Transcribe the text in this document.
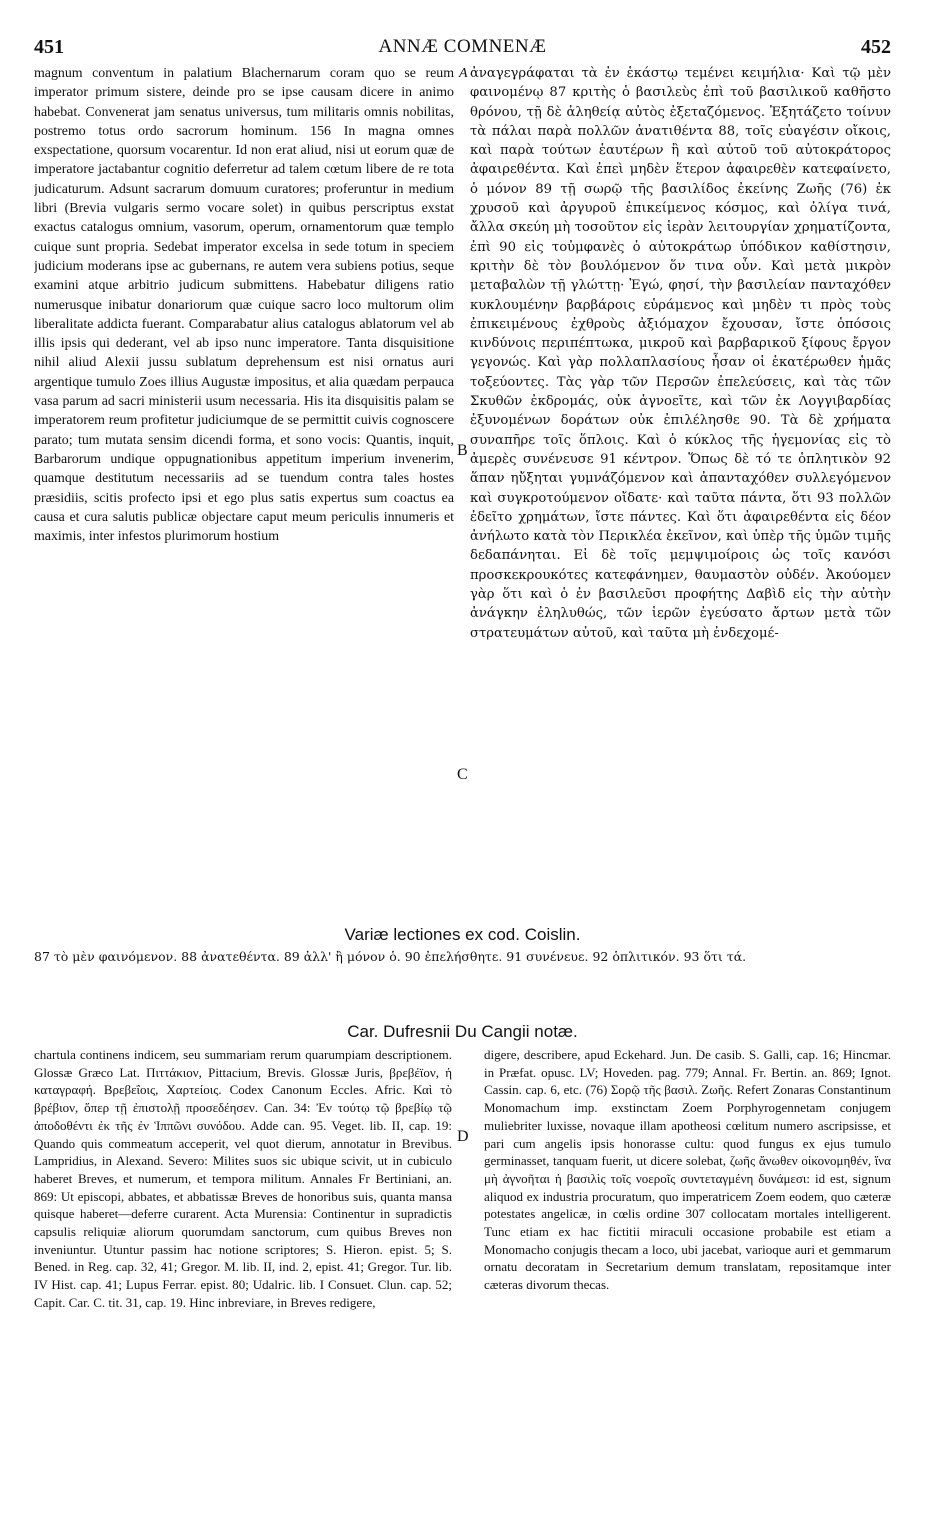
451	ANNÆ COMNENÆ	452

magnum conventum in palatium Blachernarum coram quo se reum imperator primum sistere, deinde pro se ipse causam dicere in animo habebat. Convenerat jam senatus universus, tum militaris omnis nobilitas, postremo totus ordo sacrorum hominum. 156 In magna omnes exspectatione, quorsum vocarentur. Id non erat aliud, nisi ut eorum quæ de imperatore jactabantur cognitio deferretur ad talem cœtum libere de re tota judicaturum. Adsunt sacrarum domuum curatores; proferuntur in medium libri (Brevia vulgaris sermo vocare solet) in quibus perscriptus exstat exactus catalogus omnium, vasorum, operum, ornamentorum quæ templo cuique sunt propria. Sedebat imperator excelsa in sede totum in speciem judicium moderans ipse ac gubernans, re autem vera subiens potius, seque examini atque arbitrio judicum submittens. Habebatur diligens ratio numerusque inibatur donariorum quæ cuique sacro loco multorum olim liberalitate addicta fuerant. Comparabatur alius catalogus ablatorum vel ab illis ipsis qui dederant, vel ab ipso nunc imperatore. Tanta disquisitione nihil aliud Alexii jussu sublatum deprehensum est nisi ornatus auri argentique tumulo Zoes illius Augustæ impositus, et alia quædam perpauca vasa parum ad sacri ministerii usum necessaria. His ita disquisitis palam se imperatorem reum profitetur judiciumque de se permittit cuivis cognoscere parato; tum mutata sensim dicendi forma, et sono vocis: Quantis, inquit, Barbarorum undique oppugnationibus appetitum imperium invenerim, quamque destitutum necessariis ad se tuendum contra tales hostes præsidiis, scitis profecto ipsi et ego plus satis expertus sum coactus ea causa et cura salutis publicæ objectare caput meum periculis innumeris et maximis, inter infestos plurimorum hostium

A
B
C
D

ἀναγεγράφαται τὰ ἐν ἑκάστῳ τεμένει κειμήλια· Καὶ τῷ μὲν φαινομένῳ 87 κριτὴς ὁ βασιλεὺς ἐπὶ τοῦ βασιλικοῦ καθῆστο θρόνου, τῇ δὲ ἀληθείᾳ αὐτὸς ἐξεταζόμενος. Ἐξητάζετο τοίνυν τὰ πάλαι παρὰ πολλῶν ἀνατιθέντα 88, τοῖς εὐαγέσιν οἴκοις, καὶ παρὰ τούτων ἑαυτέρων ἢ καὶ αὐτοῦ τοῦ αὐτοκράτορος ἀφαιρεθέντα. Καὶ ἐπεὶ μηδὲν ἕτερον ἀφαιρεθὲν κατεφαίνετο, ὁ μόνον 89 τῇ σωρῷ τῆς βασιλίδος ἐκείνης Ζωῆς (76) ἐκ χρυσοῦ καὶ ἀργυροῦ ἐπικείμενος κόσμος, καὶ ὀλίγα τινά, ἄλλα σκεύη μὴ τοσοῦτον εἰς ἱερὰν λειτουργίαν χρηματίζοντα, ἐπὶ 90 εἰς τοὐμφανὲς ὁ αὐτοκράτωρ ὑπόδικον καθίστησιν, κριτὴν δὲ τὸν βουλόμενον ὅν τινα οὖν. Καὶ μετὰ μικρὸν μεταβαλὼν τῇ γλώττῃ· Ἐγώ, φησί, τὴν βασιλείαν πανταχόθεν κυκλουμένην βαρβάροις εὑράμενος καὶ μηδὲν τι πρὸς τοὺς ἐπικειμένους ἐχθροὺς ἀξιόμαχον ἔχουσαν, ἴστε ὁπόσοις κινδύνοις περιπέπτωκα, μικροῦ καὶ βαρβαρικοῦ ξίφους ἔργον γεγονώς. Καὶ γὰρ πολλαπλασίους ἦσαν οἱ ἑκατέρωθεν ἡμᾶς τοξεύοντες. Τὰς γὰρ τῶν Περσῶν ἐπελεύσεις, καὶ τὰς τῶν Σκυθῶν ἐκδρομάς, οὐκ ἀγνοεῖτε, καὶ τῶν ἐκ Λογγιβαρδίας ἐξυνομένων δοράτων οὐκ ἐπιλέλησθε 90. Τὰ δὲ χρήματα συναπῆρε τοῖς ὅπλοις. Καὶ ὁ κύκλος τῆς ἡγεμονίας εἰς τὸ ἀμερὲς συνένευσε 91 κέντρον. Ὅπως δὲ τό τε ὁπλητικὸν 92 ἅπαν ηὔξηται γυμνάζόμενον καὶ ἀπανταχόθεν συλλεγόμενον καὶ συγκροτούμενον οἴδατε· καὶ ταῦτα πάντα, ὅτι 93 πολλῶν ἐδεῖτο χρημάτων, ἴστε πάντες. Καὶ ὅτι ἀφαιρεθέντα εἰς δέον ἀνήλωτο κατὰ τὸν Περικλέα ἐκεῖνον, καὶ ὑπὲρ τῆς ὑμῶν τιμῆς δεδαπάνηται. Εἰ δὲ τοῖς μεμψιμοίροις ὡς τοῖς κανόσι προσκεκρουκότες κατεφάνημεν, θαυμαστὸν οὐδέν. Ἀκούομεν γὰρ ὅτι καὶ ὁ ἐν βασιλεῦσι προφήτης Δαβὶδ εἰς τὴν αὐτὴν ἀνάγκην ἐληλυθώς, τῶν ἱερῶν ἐγεύσατο ἄρτων μετὰ τῶν στρατευμάτων αὐτοῦ, καὶ ταῦτα μὴ ἐνδεχομέ-

Variæ lectiones ex cod. Coislin.
87 τὸ μὲν φαινόμενον. 88 ἀνατεθέντα. 89 ἀλλ' ἢ μόνον ὁ. 90 ἐπελήσθητε. 91 συνένευε. 92 ὁπλιτικόν. 93 ὅτι τά.
Car. Dufresnii Du Cangii notæ.

chartula continens indicem, seu summariam rerum quarumpiam descriptionem. Glossæ Græco Lat. Πιττάκιον, Pittacium, Brevis. Glossæ Juris, βρεβέϊον, ἡ καταγραφή. Βρεβεΐοις, Χαρτείοις. Codex Canonum Eccles. Afric. Καὶ τὸ βρέβιον, ὅπερ τῇ ἐπιστολῇ προσεδέησεν. Can. 34: Ἐν τούτῳ τῷ βρεβίῳ τῷ ἀποδοθέντι ἐκ τῆς ἐν Ἱππῶνι συνόδου. Adde can. 95. Veget. lib. II, cap. 19: Quando quis commeatum acceperit, vel quot dierum, annotatur in Brevibus. Lampridius, in Alexand. Severo: Milites suos sic ubique scivit, ut in cubiculo haberet Breves, et numerum, et tempora militum. Annales Fr Bertiniani, an. 869: Ut episcopi, abbates, et abbatissæ Breves de honoribus suis, quanta mansa quisque haberet—deferre curarent. Acta Murensia: Continentur in supradictis capsulis reliquiæ aliorum quorumdam sanctorum, cum quibus Breves non inveniuntur. Utuntur passim hac notione scriptores; S. Hieron. epist. 5; S. Bened. in Reg. cap. 32, 41; Gregor. M. lib. II, ind. 2, epist. 41; Gregor. Tur. lib. IV Hist. cap. 41; Lupus Ferrar. epist. 80; Udalric. lib. I Consuet. Clun. cap. 52; Capit. Car. C. tit. 31, cap. 19. Hinc inbreviare, in Breves redigere,

digere, describere, apud Eckehard. Jun. De casib. S. Galli, cap. 16; Hincmar. in Præfat. opusc. LV; Hoveden. pag. 779; Annal. Fr. Bertin. an. 869; Ignot. Cassin. cap. 6, etc. (76) Σορῷ τῆς βασιλ. Ζωῆς. Refert Zonaras Constantinum Monomachum imp. exstinctam Zoem Porphyrogennetam conjugem muliebriter luxisse, novaque illam apotheosi cœlitum numero ascripsisse, et pari cum angelis ipsis honorasse cultu: quod fungus ex ejus tumulo germinasset, tanquam fuerit, ut dicere solebat, ζωῆς ἄνωθεν οἰκονομηθέν, ἵνα μὴ ἀγνοῆται ἡ βασιλὶς τοῖς νοεροῖς συντεταγμένη δυνάμεσι: id est, signum aliquod ex industria procuratum, quo imperatricem Zoem eodem, quo cæteræ potestates angelicæ, in cœlis ordine 307 collocatam mortales intelligerent. Tunc etiam ex hac fictitii miraculi occasione probabile est etiam a Monomacho conjugis thecam a loco, ubi jacebat, varioque auri et gemmarum ornatu decoratam in Secretarium demum translatam, repositamque inter cæteras divorum thecas.
